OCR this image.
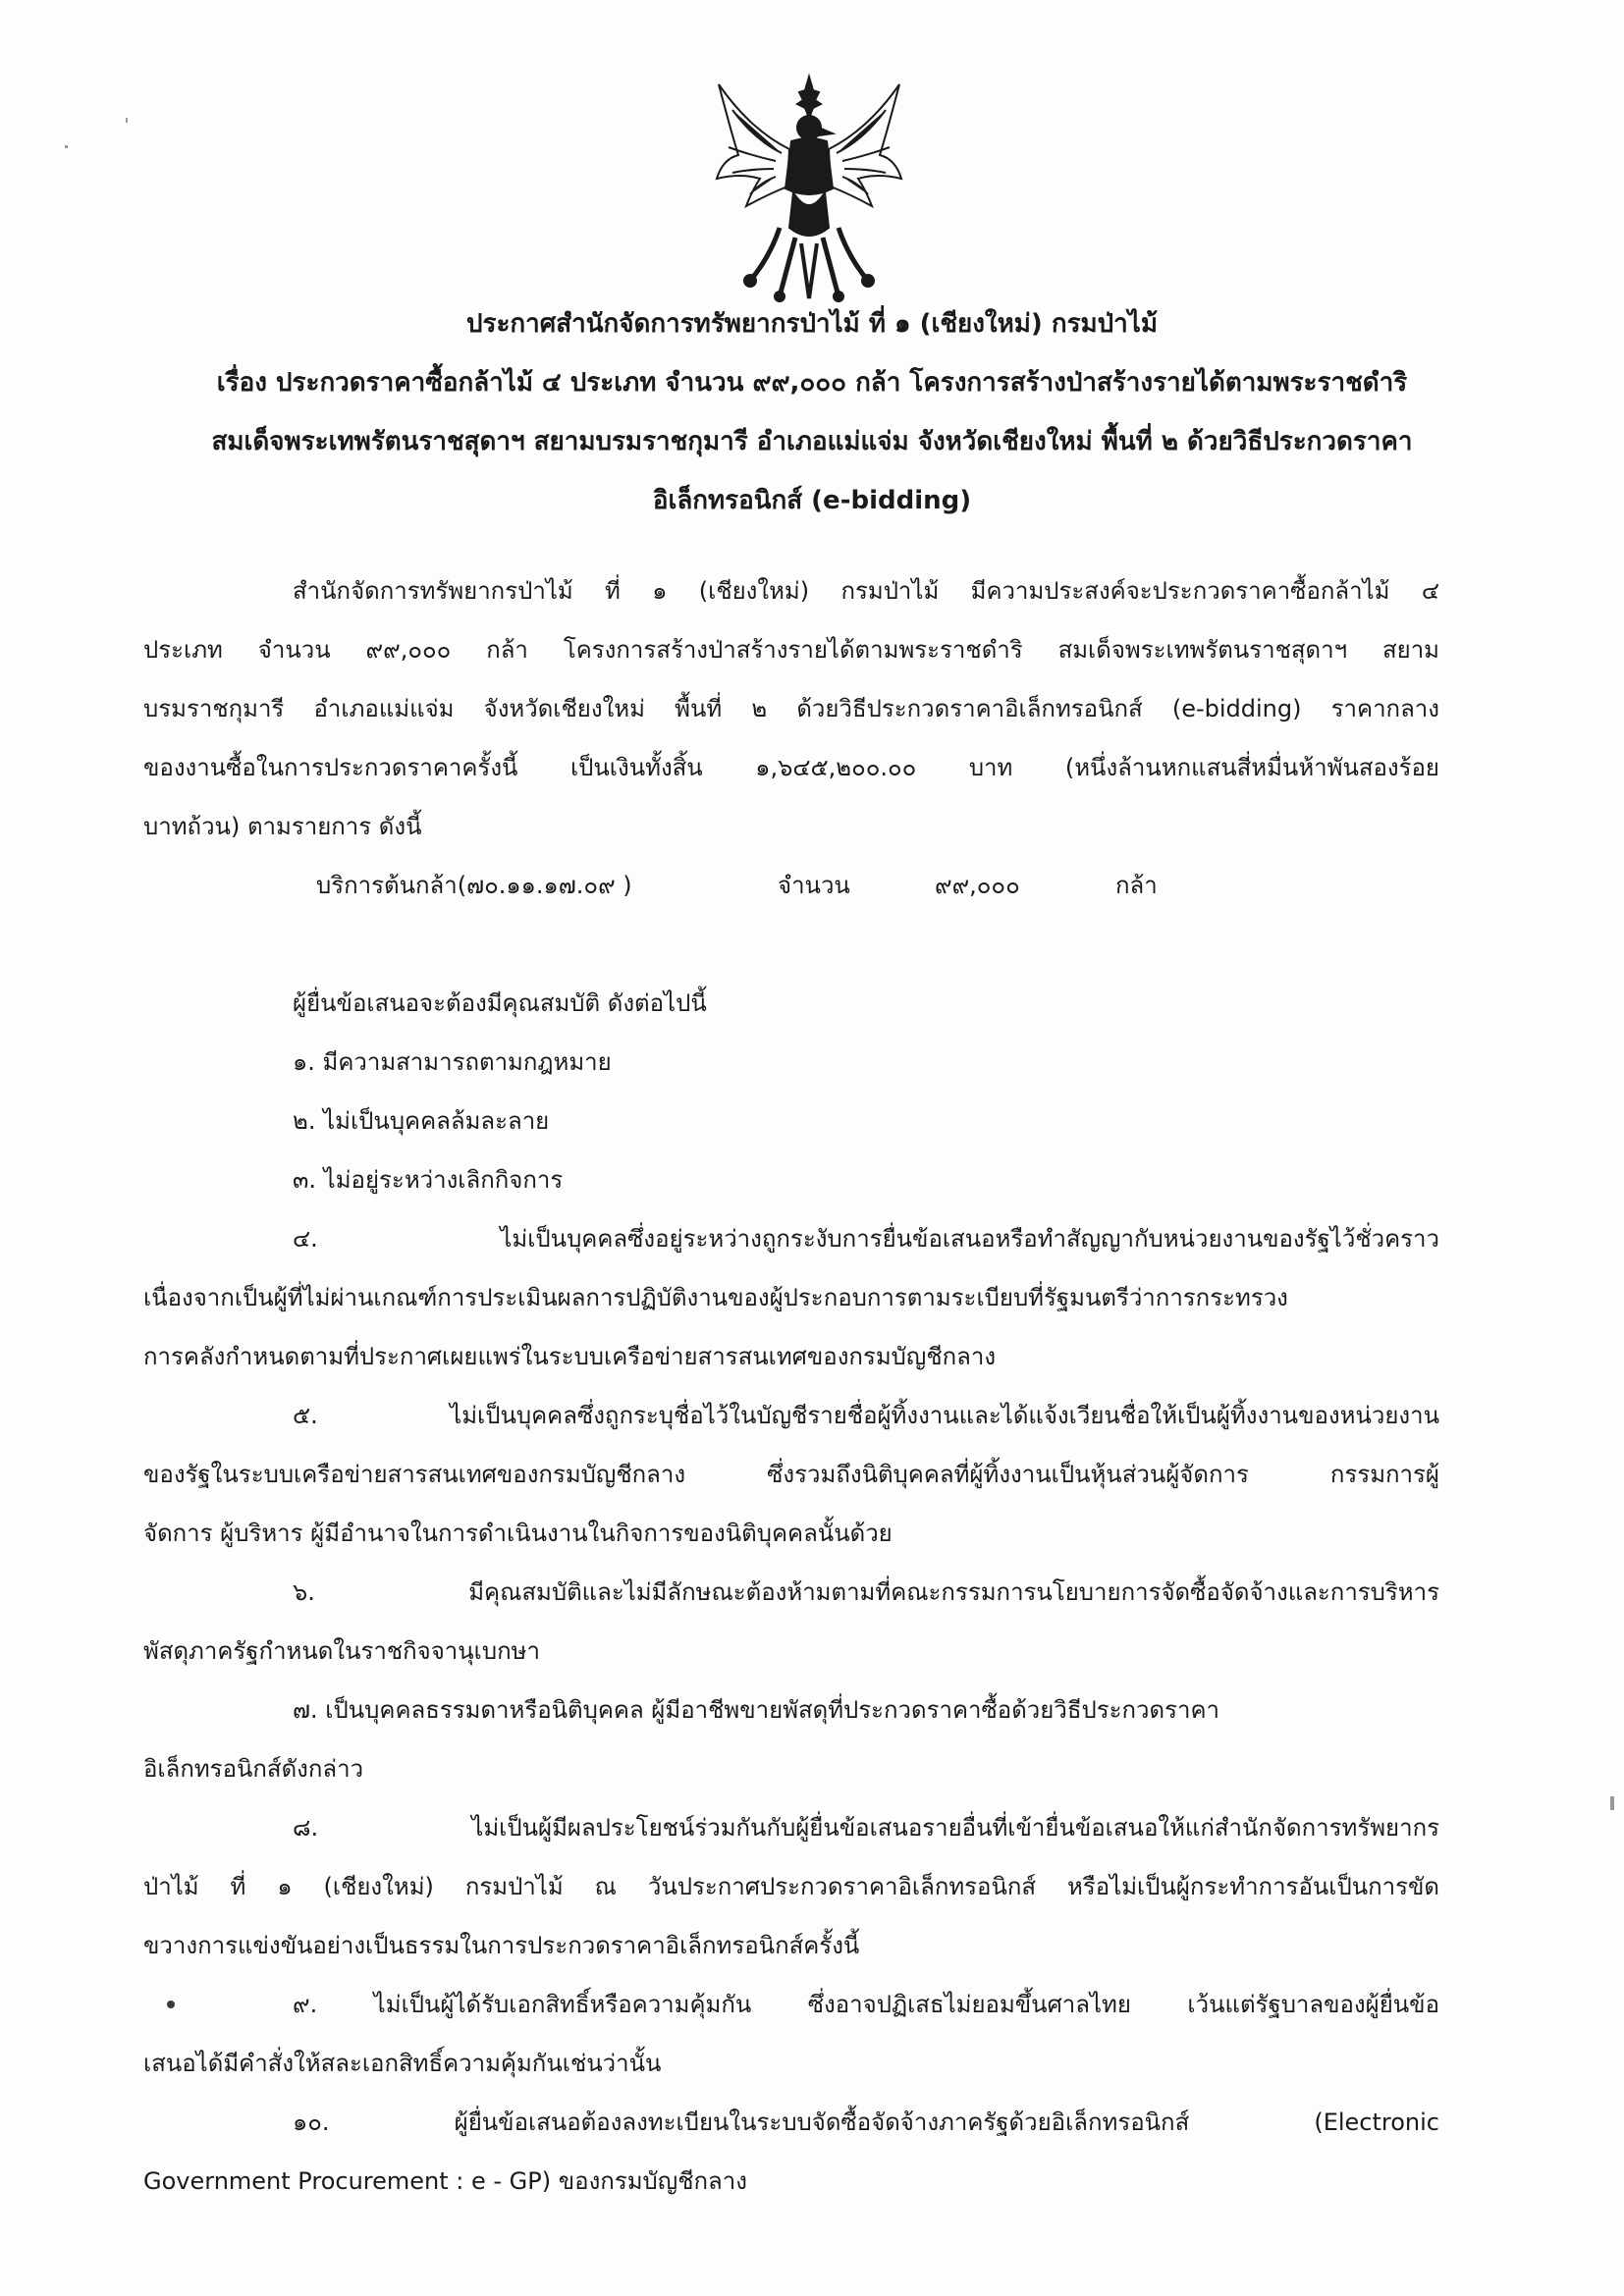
ประกาศสำนักจัดการทรัพยากรป่าไม้ ที่ ๑ (เชียงใหม่) กรมป่าไม้
เรื่อง ประกวดราคาซื้อกล้าไม้ ๔ ประเภท จำนวน ๙๙,๐๐๐ กล้า โครงการสร้างป่าสร้างรายได้ตามพระราชดำริ
สมเด็จพระเทพรัตนราชสุดาฯ สยามบรมราชกุมารี อำเภอแม่แจ่ม จังหวัดเชียงใหม่ พื้นที่ ๒ ด้วยวิธีประกวดราคา
อิเล็กทรอนิกส์ (e-bidding)
สำนักจัดการทรัพยากรป่าไม้ ที่ ๑ (เชียงใหม่) กรมป่าไม้ มีความประสงค์จะประกวดราคาซื้อกล้าไม้ ๔
ประเภท จำนวน ๙๙,๐๐๐ กล้า โครงการสร้างป่าสร้างรายได้ตามพระราชดำริ สมเด็จพระเทพรัตนราชสุดาฯ สยาม
บรมราชกุมารี อำเภอแม่แจ่ม จังหวัดเชียงใหม่ พื้นที่ ๒ ด้วยวิธีประกวดราคาอิเล็กทรอนิกส์ (e-bidding) ราคากลาง
ของงานซื้อในการประกวดราคาครั้งนี้ เป็นเงินทั้งสิ้น ๑,๖๔๕,๒๐๐.๐๐ บาท (หนึ่งล้านหกแสนสี่หมื่นห้าพันสองร้อย
บาทถ้วน) ตามรายการ ดังนี้
บริการต้นกล้า(๗๐.๑๑.๑๗.๐๙ )	จำนวน	๙๙,๐๐๐	กล้า
ผู้ยื่นข้อเสนอจะต้องมีคุณสมบัติ ดังต่อไปนี้
๑. มีความสามารถตามกฎหมาย
๒. ไม่เป็นบุคคลล้มละลาย
๓. ไม่อยู่ระหว่างเลิกกิจการ
๔. ไม่เป็นบุคคลซึ่งอยู่ระหว่างถูกระงับการยื่นข้อเสนอหรือทำสัญญากับหน่วยงานของรัฐไว้ชั่วคราว
เนื่องจากเป็นผู้ที่ไม่ผ่านเกณฑ์การประเมินผลการปฏิบัติงานของผู้ประกอบการตามระเบียบที่รัฐมนตรีว่าการกระทรวง
การคลังกำหนดตามที่ประกาศเผยแพร่ในระบบเครือข่ายสารสนเทศของกรมบัญชีกลาง
๕. ไม่เป็นบุคคลซึ่งถูกระบุชื่อไว้ในบัญชีรายชื่อผู้ทิ้งงานและได้แจ้งเวียนชื่อให้เป็นผู้ทิ้งงานของหน่วยงาน
ของรัฐในระบบเครือข่ายสารสนเทศของกรมบัญชีกลาง ซึ่งรวมถึงนิติบุคคลที่ผู้ทิ้งงานเป็นหุ้นส่วนผู้จัดการ กรรมการผู้
จัดการ ผู้บริหาร ผู้มีอำนาจในการดำเนินงานในกิจการของนิติบุคคลนั้นด้วย
๖. มีคุณสมบัติและไม่มีลักษณะต้องห้ามตามที่คณะกรรมการนโยบายการจัดซื้อจัดจ้างและการบริหาร
พัสดุภาครัฐกำหนดในราชกิจจานุเบกษา
๗. เป็นบุคคลธรรมดาหรือนิติบุคคล ผู้มีอาชีพขายพัสดุที่ประกวดราคาซื้อด้วยวิธีประกวดราคา
อิเล็กทรอนิกส์ดังกล่าว
๘. ไม่เป็นผู้มีผลประโยชน์ร่วมกันกับผู้ยื่นข้อเสนอรายอื่นที่เข้ายื่นข้อเสนอให้แก่สำนักจัดการทรัพยากร
ป่าไม้ ที่ ๑ (เชียงใหม่) กรมป่าไม้ ณ วันประกาศประกวดราคาอิเล็กทรอนิกส์ หรือไม่เป็นผู้กระทำการอันเป็นการขัด
ขวางการแข่งขันอย่างเป็นธรรมในการประกวดราคาอิเล็กทรอนิกส์ครั้งนี้
๙. ไม่เป็นผู้ได้รับเอกสิทธิ์หรือความคุ้มกัน ซึ่งอาจปฏิเสธไม่ยอมขึ้นศาลไทย เว้นแต่รัฐบาลของผู้ยื่นข้อ
เสนอได้มีคำสั่งให้สละเอกสิทธิ์ความคุ้มกันเช่นว่านั้น
๑๐. ผู้ยื่นข้อเสนอต้องลงทะเบียนในระบบจัดซื้อจัดจ้างภาครัฐด้วยอิเล็กทรอนิกส์ (Electronic
Government Procurement : e - GP) ของกรมบัญชีกลาง
